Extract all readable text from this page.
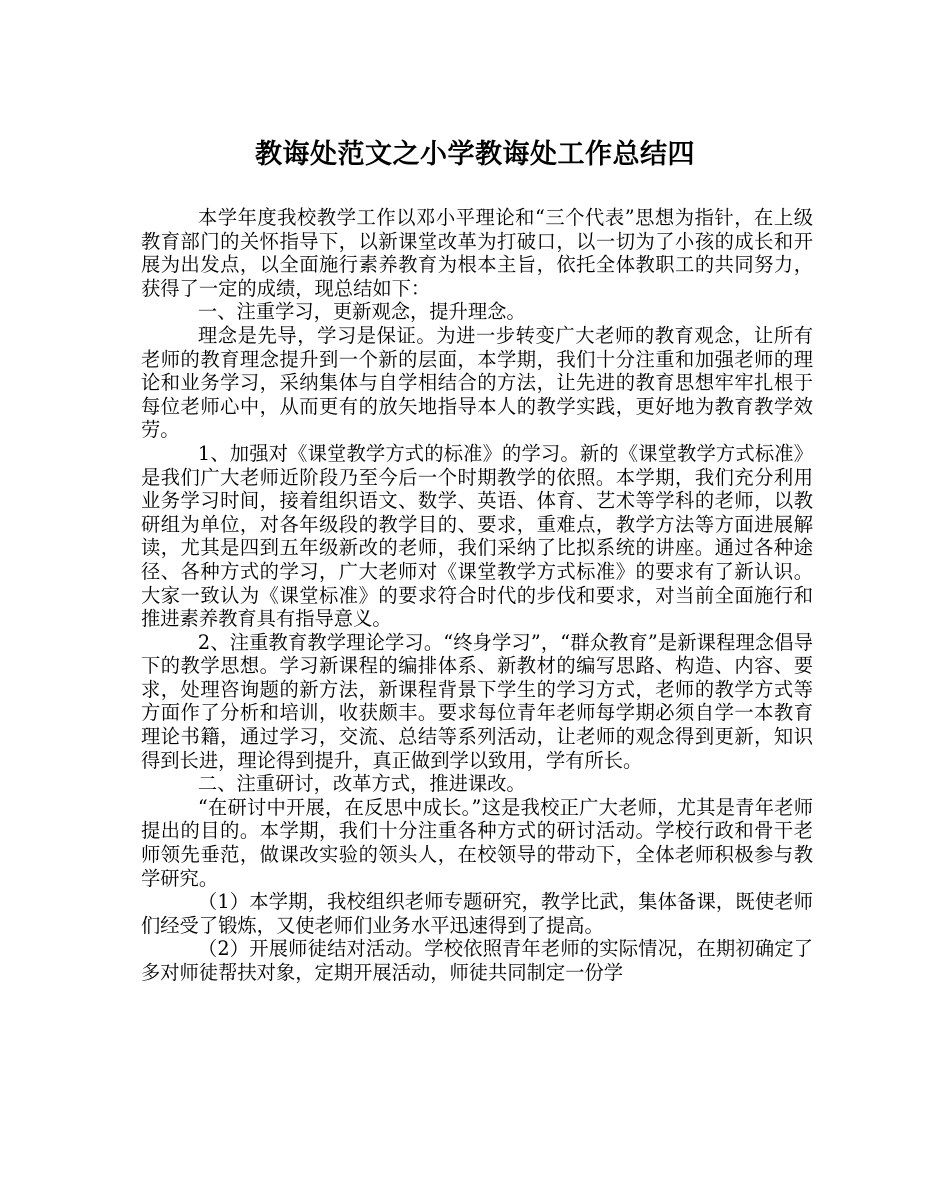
教诲处范文之小学教诲处工作总结四

本学年度我校教学工作以邓小平理论和“三个代表”思想为指针，在上级教育部门的关怀指导下，以新课堂改革为打破口，以一切为了小孩的成长和开展为出发点，以全面施行素养教育为根本主旨，依托全体教职工的共同努力，获得了一定的成绩，现总结如下：

一、注重学习，更新观念，提升理念。

理念是先导，学习是保证。为进一步转变广大老师的教育观念，让所有老师的教育理念提升到一个新的层面，本学期，我们十分注重和加强老师的理论和业务学习，采纳集体与自学相结合的方法，让先进的教育思想牢牢扎根于每位老师心中，从而更有的放矢地指导本人的教学实践，更好地为教育教学效劳。

1、加强对《课堂教学方式的标准》的学习。新的《课堂教学方式标准》是我们广大老师近阶段乃至今后一个时期教学的依照。本学期，我们充分利用业务学习时间，接着组织语文、数学、英语、体育、艺术等学科的老师，以教研组为单位，对各年级段的教学目的、要求，重难点，教学方法等方面进展解读，尤其是四到五年级新改的老师，我们采纳了比拟系统的讲座。通过各种途径、各种方式的学习，广大老师对《课堂教学方式标准》的要求有了新认识。大家一致认为《课堂标准》的要求符合时代的步伐和要求，对当前全面施行和推进素养教育具有指导意义。

2、注重教育教学理论学习。“终身学习”，“群众教育”是新课程理念倡导下的教学思想。学习新课程的编排体系、新教材的编写思路、构造、内容、要求，处理咨询题的新方法，新课程背景下学生的学习方式，老师的教学方式等方面作了分析和培训，收获颇丰。要求每位青年老师每学期必须自学一本教育理论书籍，通过学习，交流、总结等系列活动，让老师的观念得到更新，知识得到长进，理论得到提升，真正做到学以致用，学有所长。

二、注重研讨，改革方式，推进课改。

“在研讨中开展，在反思中成长。”这是我校正广大老师，尤其是青年老师提出的目的。本学期，我们十分注重各种方式的研讨活动。学校行政和骨干老师领先垂范，做课改实验的领头人，在校领导的带动下，全体老师积极参与教学研究。

（1）本学期，我校组织老师专题研究，教学比武，集体备课，既使老师们经受了锻炼，又使老师们业务水平迅速得到了提高。

（2）开展师徒结对活动。学校依照青年老师的实际情况，在期初确定了多对师徒帮扶对象，定期开展活动，师徒共同制定一份学
